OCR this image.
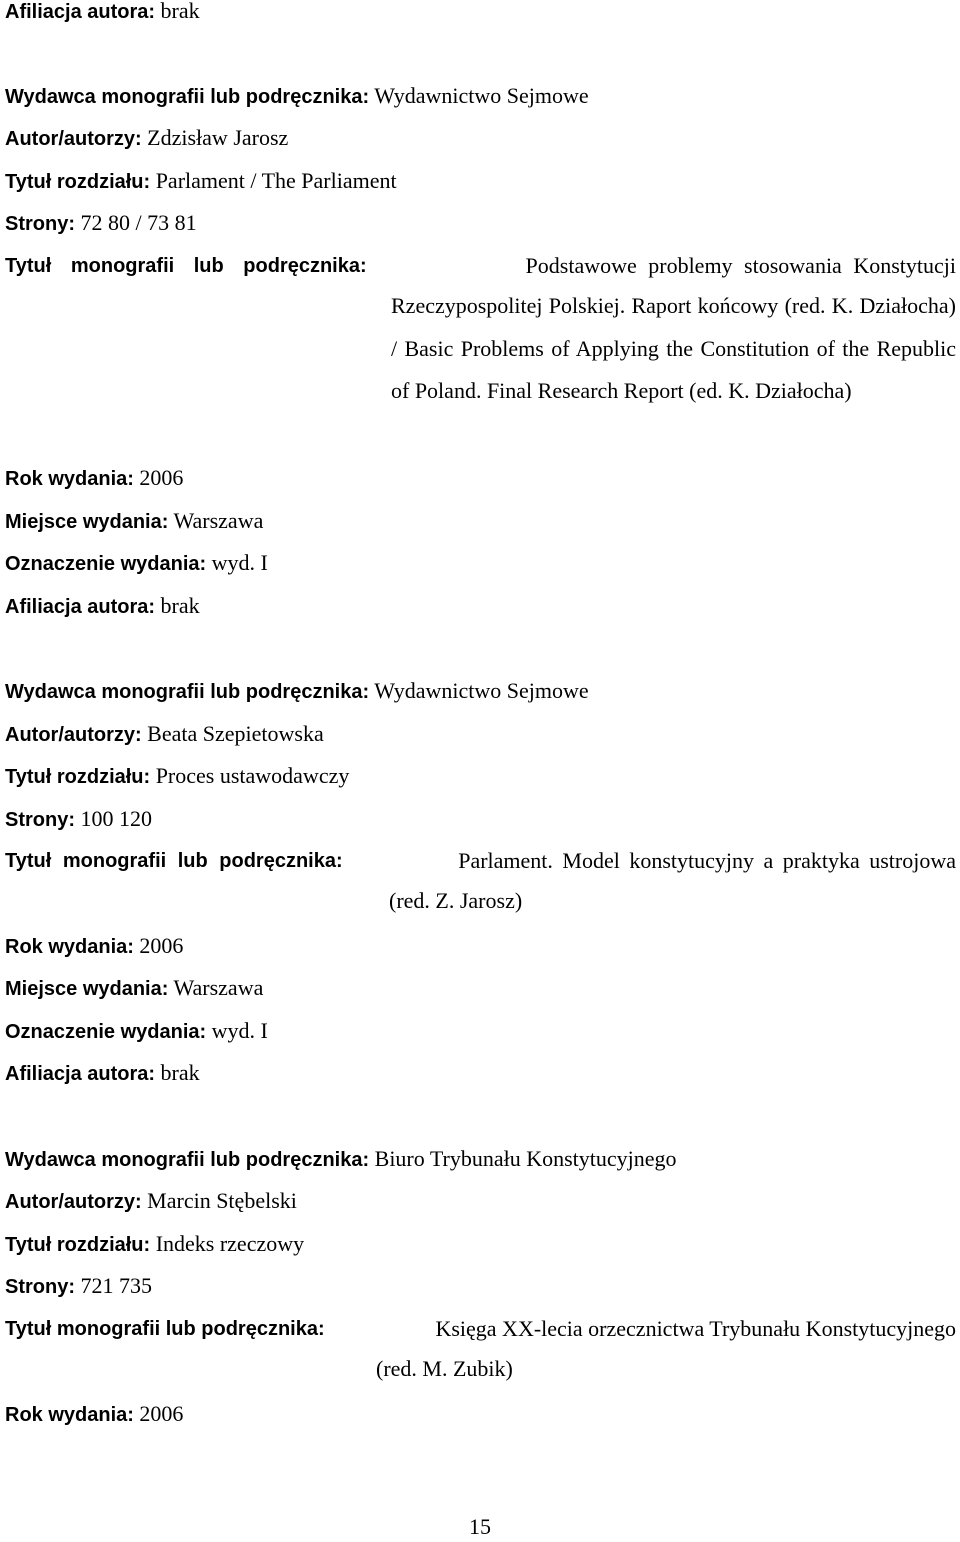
Afiliacja autora: brak
Wydawca monografii lub podręcznika: Wydawnictwo Sejmowe
Autor/autorzy: Zdzisław Jarosz
Tytuł rozdziału: Parlament / The Parliament
Strony: 72 80 / 73 81
Tytuł monografii lub podręcznika:	Podstawowe problemy stosowania Konstytucji
Rzeczypospolitej Polskiej. Raport końcowy (red. K. Działocha) / Basic Problems of Applying the Constitution of the Republic of Poland. Final Research Report (ed. K. Działocha)
Rok wydania: 2006
Miejsce wydania: Warszawa
Oznaczenie wydania: wyd. I
Afiliacja autora: brak
Wydawca monografii lub podręcznika: Wydawnictwo Sejmowe
Autor/autorzy: Beata Szepietowska
Tytuł rozdziału: Proces ustawodawczy
Strony: 100 120
Tytuł monografii lub podręcznika:	Parlament. Model konstytucyjny a praktyka ustrojowa
(red. Z. Jarosz)
Rok wydania: 2006
Miejsce wydania: Warszawa
Oznaczenie wydania: wyd. I
Afiliacja autora: brak
Wydawca monografii lub podręcznika: Biuro Trybunału Konstytucyjnego
Autor/autorzy: Marcin Stębelski
Tytuł rozdziału: Indeks rzeczowy
Strony: 721 735
Tytuł monografii lub podręcznika:	Księga XX-lecia orzecznictwa Trybunału Konstytucyjnego
(red. M. Zubik)
Rok wydania: 2006
15
